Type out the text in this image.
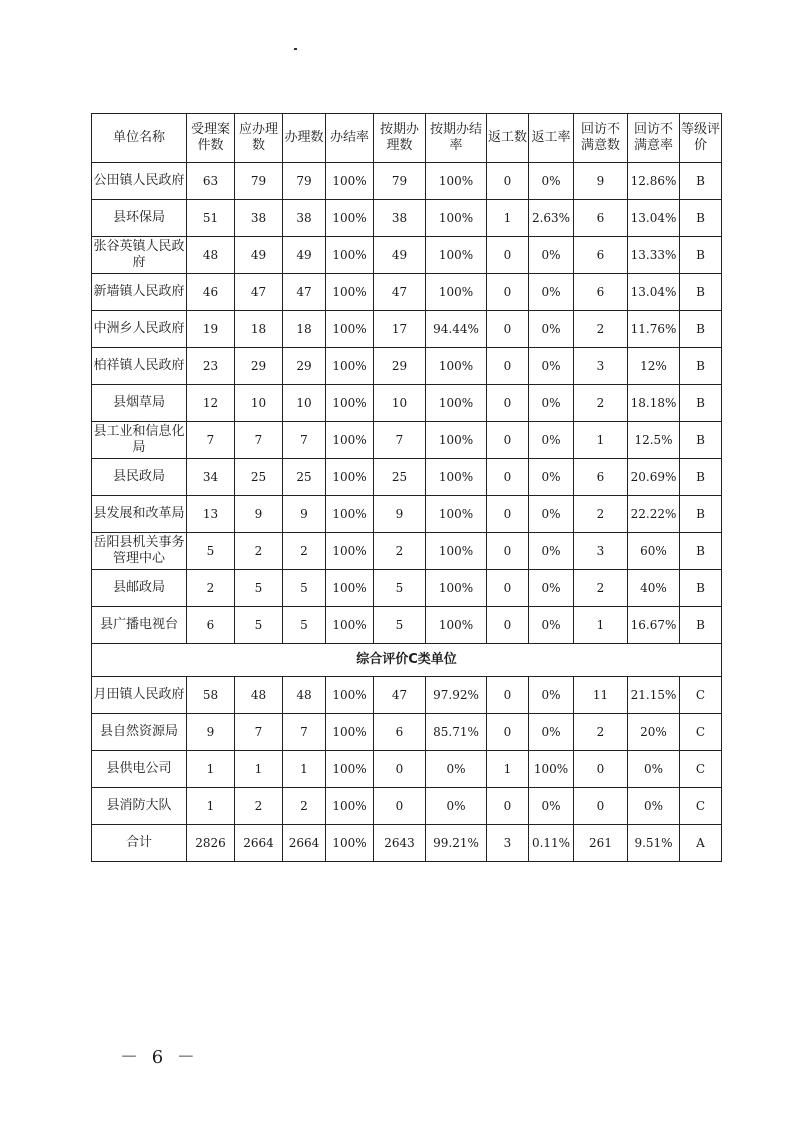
单位名称	受理案件数	应办理数	办理数	办结率	按期办理数	按期办结率	返工数	返工率	回访不满意数	回访不满意率	等级评价
公田镇人民政府	63	79	79	100%	79	100%	0	0%	9	12.86%	B
县环保局	51	38	38	100%	38	100%	1	2.63%	6	13.04%	B
张谷英镇人民政府	48	49	49	100%	49	100%	0	0%	6	13.33%	B
新墙镇人民政府	46	47	47	100%	47	100%	0	0%	6	13.04%	B
中洲乡人民政府	19	18	18	100%	17	94.44%	0	0%	2	11.76%	B
柏祥镇人民政府	23	29	29	100%	29	100%	0	0%	3	12%	B
县烟草局	12	10	10	100%	10	100%	0	0%	2	18.18%	B
县工业和信息化局	7	7	7	100%	7	100%	0	0%	1	12.5%	B
县民政局	34	25	25	100%	25	100%	0	0%	6	20.69%	B
县发展和改革局	13	9	9	100%	9	100%	0	0%	2	22.22%	B
岳阳县机关事务管理中心	5	2	2	100%	2	100%	0	0%	3	60%	B
县邮政局	2	5	5	100%	5	100%	0	0%	2	40%	B
县广播电视台	6	5	5	100%	5	100%	0	0%	1	16.67%	B
综合评价C类单位											
月田镇人民政府	58	48	48	100%	47	97.92%	0	0%	11	21.15%	C
县自然资源局	9	7	7	100%	6	85.71%	0	0%	2	20%	C
县供电公司	1	1	1	100%	0	0%	1	100%	0	0%	C
县消防大队	1	2	2	100%	0	0%	0	0%	0	0%	C
合计	2826	2664	2664	100%	2643	99.21%	3	0.11%	261	9.51%	A
－ 6 －
